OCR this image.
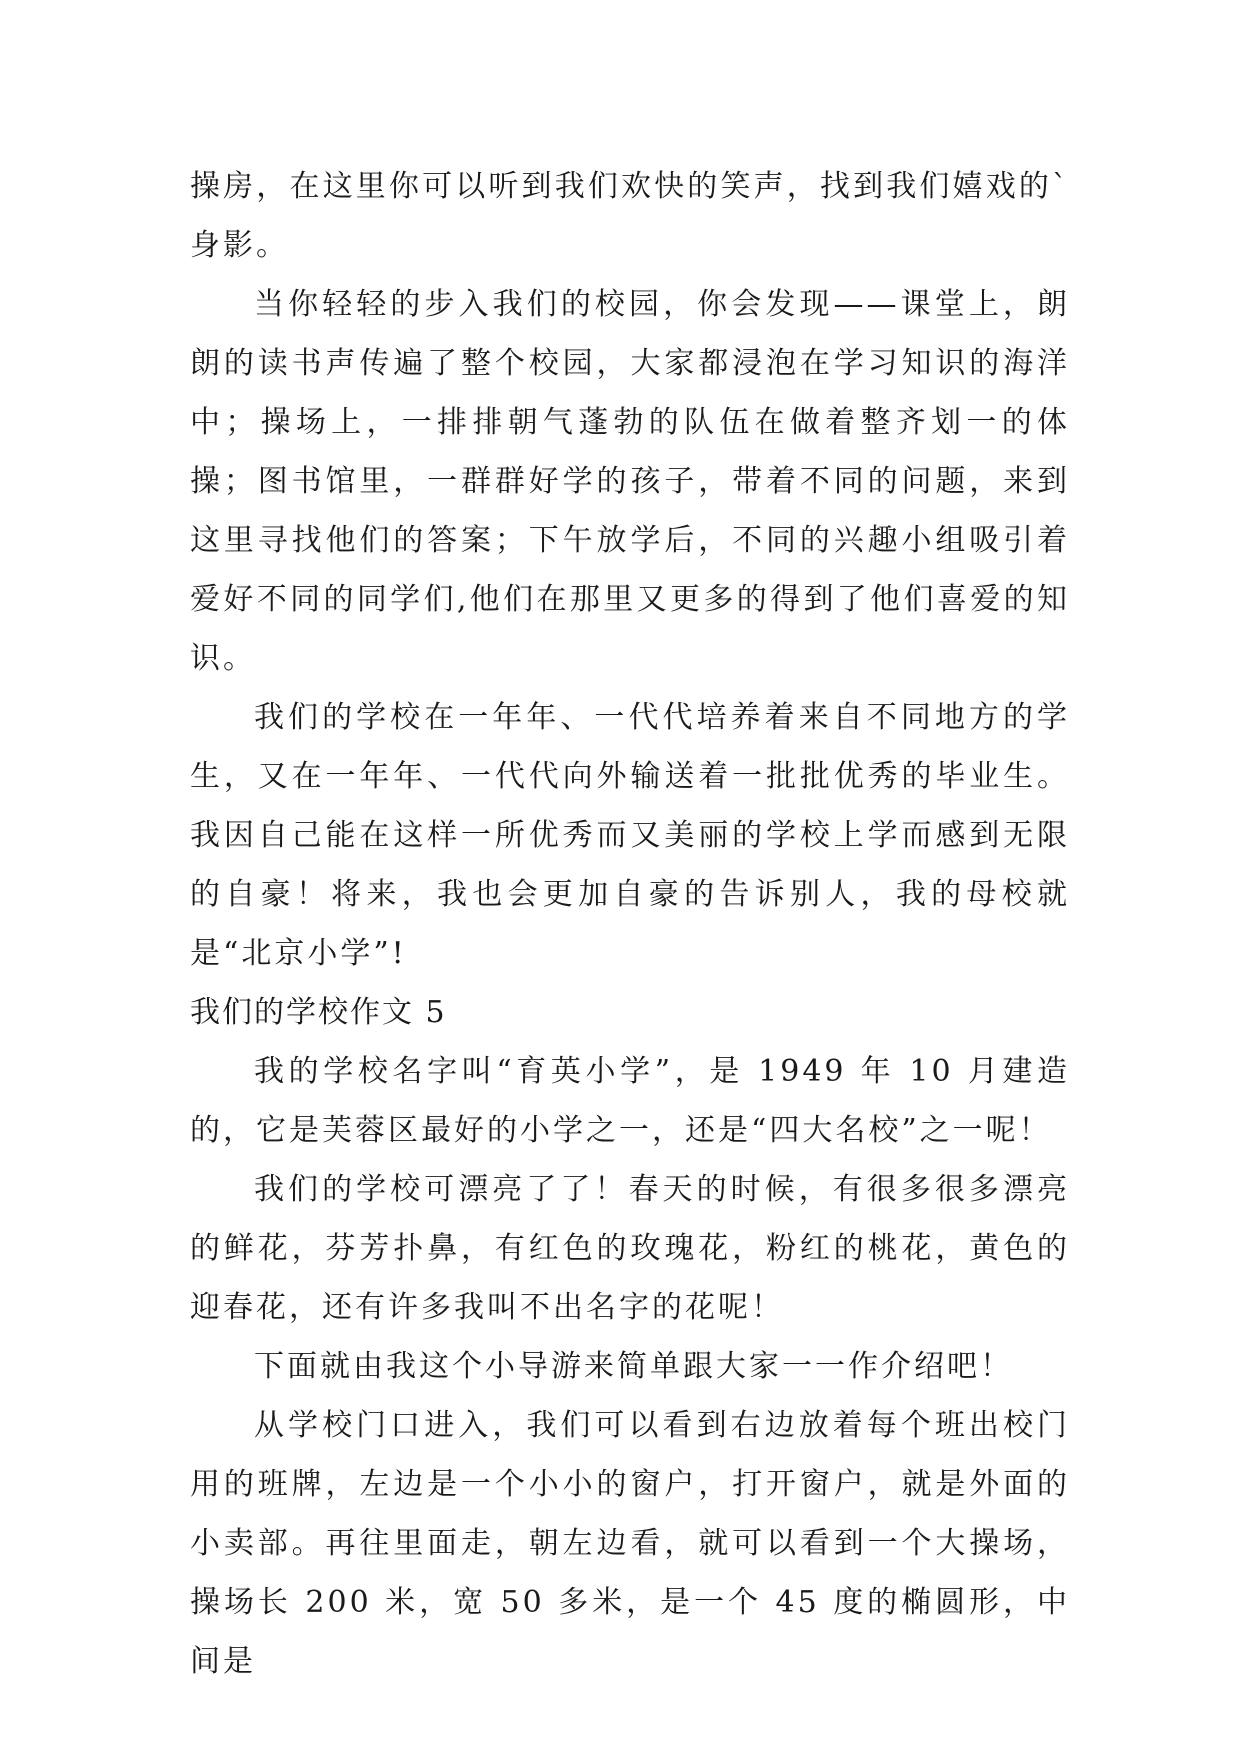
操房，在这里你可以听到我们欢快的笑声，找到我们嬉戏的`身影。

当你轻轻的步入我们的校园，你会发现——课堂上，朗朗的读书声传遍了整个校园，大家都浸泡在学习知识的海洋中；操场上，一排排朝气蓬勃的队伍在做着整齐划一的体操；图书馆里，一群群好学的孩子，带着不同的问题，来到这里寻找他们的答案；下午放学后，不同的兴趣小组吸引着爱好不同的同学们,他们在那里又更多的得到了他们喜爱的知识。

我们的学校在一年年、一代代培养着来自不同地方的学生，又在一年年、一代代向外输送着一批批优秀的毕业生。我因自己能在这样一所优秀而又美丽的学校上学而感到无限的自豪！将来，我也会更加自豪的告诉别人，我的母校就是“北京小学”!

我们的学校作文 5

我的学校名字叫“育英小学”，是 1949 年 10 月建造的，它是芙蓉区最好的小学之一，还是“四大名校”之一呢！

我们的学校可漂亮了了！春天的时候，有很多很多漂亮的鲜花，芬芳扑鼻，有红色的玫瑰花，粉红的桃花，黄色的迎春花，还有许多我叫不出名字的花呢！

下面就由我这个小导游来简单跟大家一一作介绍吧！

从学校门口进入，我们可以看到右边放着每个班出校门用的班牌，左边是一个小小的窗户，打开窗户，就是外面的小卖部。再往里面走，朝左边看，就可以看到一个大操场，操场长 200 米，宽 50 多米，是一个 45 度的椭圆形，中间是
